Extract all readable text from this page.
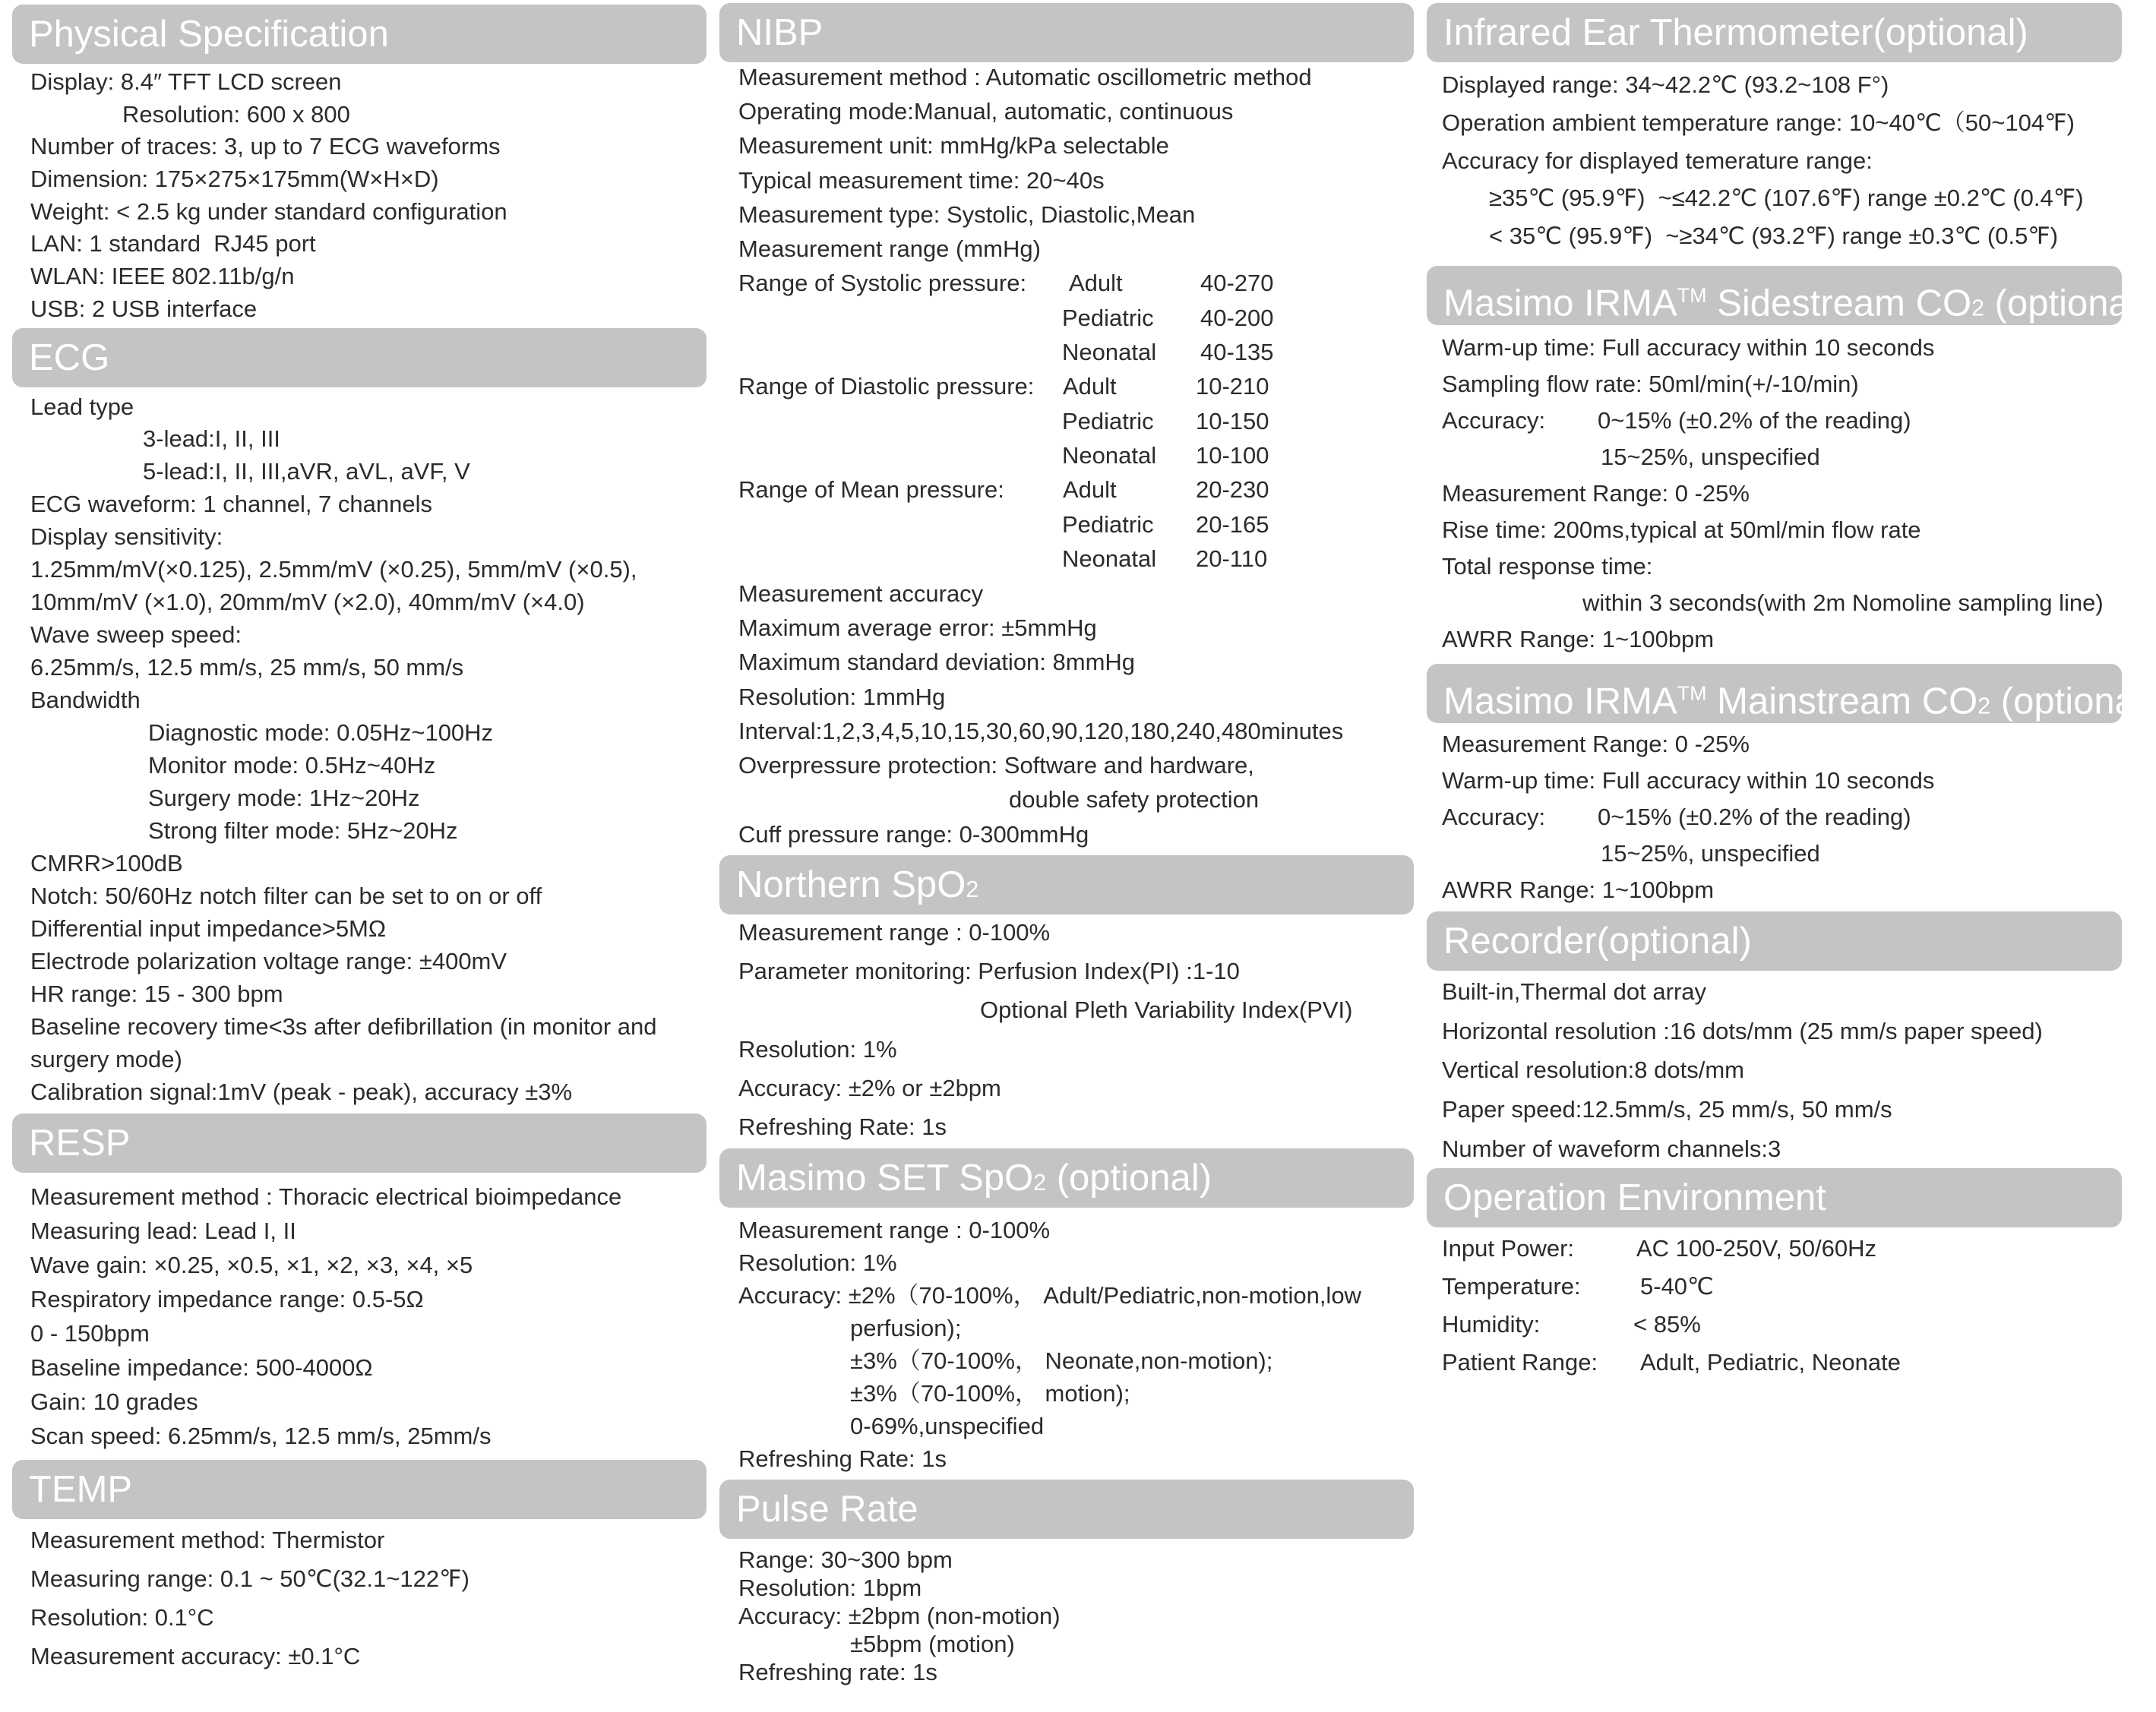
Physical Specification
Display: 8.4″ TFT LCD screen
Resolution: 600 x 800
Number of traces: 3, up to 7 ECG waveforms
Dimension: 175×275×175mm(W×H×D)
Weight: < 2.5 kg under standard configuration
LAN: 1 standard  RJ45 port
WLAN: IEEE 802.11b/g/n
USB: 2 USB interface
ECG
Lead type
3-lead:I, II, III
5-lead:I, II, III,aVR, aVL, aVF, V
ECG waveform: 1 channel, 7 channels
Display sensitivity:
1.25mm/mV(×0.125), 2.5mm/mV (×0.25), 5mm/mV (×0.5),
10mm/mV (×1.0), 20mm/mV (×2.0), 40mm/mV (×4.0)
Wave sweep speed:
6.25mm/s, 12.5 mm/s, 25 mm/s, 50 mm/s
Bandwidth
Diagnostic mode: 0.05Hz~100Hz
Monitor mode: 0.5Hz~40Hz
Surgery mode: 1Hz~20Hz
Strong filter mode: 5Hz~20Hz
CMRR>100dB
Notch: 50/60Hz notch filter can be set to on or off
Differential input impedance>5MΩ
Electrode polarization voltage range: ±400mV
HR range: 15 - 300 bpm
Baseline recovery time<3s after defibrillation (in monitor and
surgery mode)
Calibration signal:1mV (peak - peak), accuracy ±3%
RESP
Measurement method : Thoracic electrical bioimpedance
Measuring lead: Lead I, II
Wave gain: ×0.25, ×0.5, ×1, ×2, ×3, ×4, ×5
Respiratory impedance range: 0.5-5Ω
0 - 150bpm
Baseline impedance: 500-4000Ω
Gain: 10 grades
Scan speed: 6.25mm/s, 12.5 mm/s, 25mm/s
TEMP
Measurement method: Thermistor
Measuring range: 0.1 ~ 50℃(32.1~122℉)
Resolution: 0.1°C
Measurement accuracy: ±0.1°C
NIBP
Measurement method : Automatic oscillometric method
Operating mode:Manual, automatic, continuous
Measurement unit: mmHg/kPa selectable
Typical measurement time: 20~40s
Measurement type: Systolic, Diastolic,Mean
Measurement range (mmHg)
Range of Systolic pressure: Adult	40-270
Pediatric 40-200
Neonatal 40-135
Range of Diastolic pressure: Adult	10-210
Pediatric 10-150
Neonatal 10-100
Range of Mean pressure: Adult	20-230
Pediatric 20-165
Neonatal 20-110
Measurement accuracy
Maximum average error: ±5mmHg
Maximum standard deviation: 8mmHg
Resolution: 1mmHg
Interval:1,2,3,4,5,10,15,30,60,90,120,180,240,480minutes
Overpressure protection: Software and hardware,
double safety protection
Cuff pressure range: 0-300mmHg
Northern SpO2
Measurement range : 0-100%
Parameter monitoring: Perfusion Index(PI) :1-10
Optional Pleth Variability Index(PVI)
Resolution: 1%
Accuracy: ±2% or ±2bpm
Refreshing Rate: 1s
Masimo SET SpO2 (optional)
Measurement range : 0-100%
Resolution: 1%
Accuracy: ±2%（70-100%， Adult/Pediatric,non-motion,low
perfusion);
±3%（70-100%， Neonate,non-motion);
±3%（70-100%， motion);
0-69%,unspecified
Refreshing Rate: 1s
Pulse Rate
Range: 30~300 bpm
Resolution: 1bpm
Accuracy: ±2bpm (non-motion)
±5bpm (motion)
Refreshing rate: 1s
Infrared Ear Thermometer(optional)
Displayed range: 34~42.2℃ (93.2~108 F°)
Operation ambient temperature range: 10~40℃（50~104℉)
Accuracy for displayed temerature range:
≥35℃ (95.9℉)  ~≤42.2℃ (107.6℉) range ±0.2℃ (0.4℉)
< 35℃ (95.9℉)  ~≥34℃ (93.2℉) range ±0.3℃ (0.5℉)
Masimo IRMA™ Sidestream CO2 (optional)
Warm-up time: Full accuracy within 10 seconds
Sampling flow rate: 50ml/min(+/-10/min)
Accuracy:        0~15% (±0.2% of the reading)
15~25%, unspecified
Measurement Range: 0 -25%
Rise time: 200ms,typical at 50ml/min flow rate
Total response time:
within 3 seconds(with 2m Nomoline sampling line)
AWRR Range: 1~100bpm
Masimo IRMA™ Mainstream CO2 (optional)
Measurement Range: 0 -25%
Warm-up time: Full accuracy within 10 seconds
Accuracy:        0~15% (±0.2% of the reading)
15~25%, unspecified
AWRR Range: 1~100bpm
Recorder(optional)
Built-in,Thermal dot array
Horizontal resolution :16 dots/mm (25 mm/s paper speed)
Vertical resolution:8 dots/mm
Paper speed:12.5mm/s, 25 mm/s, 50 mm/s
Number of waveform channels:3
Operation Environment
Input Power:	AC 100-250V, 50/60Hz
Temperature:	5-40℃
Humidity:	< 85%
Patient Range: Adult, Pediatric, Neonate
